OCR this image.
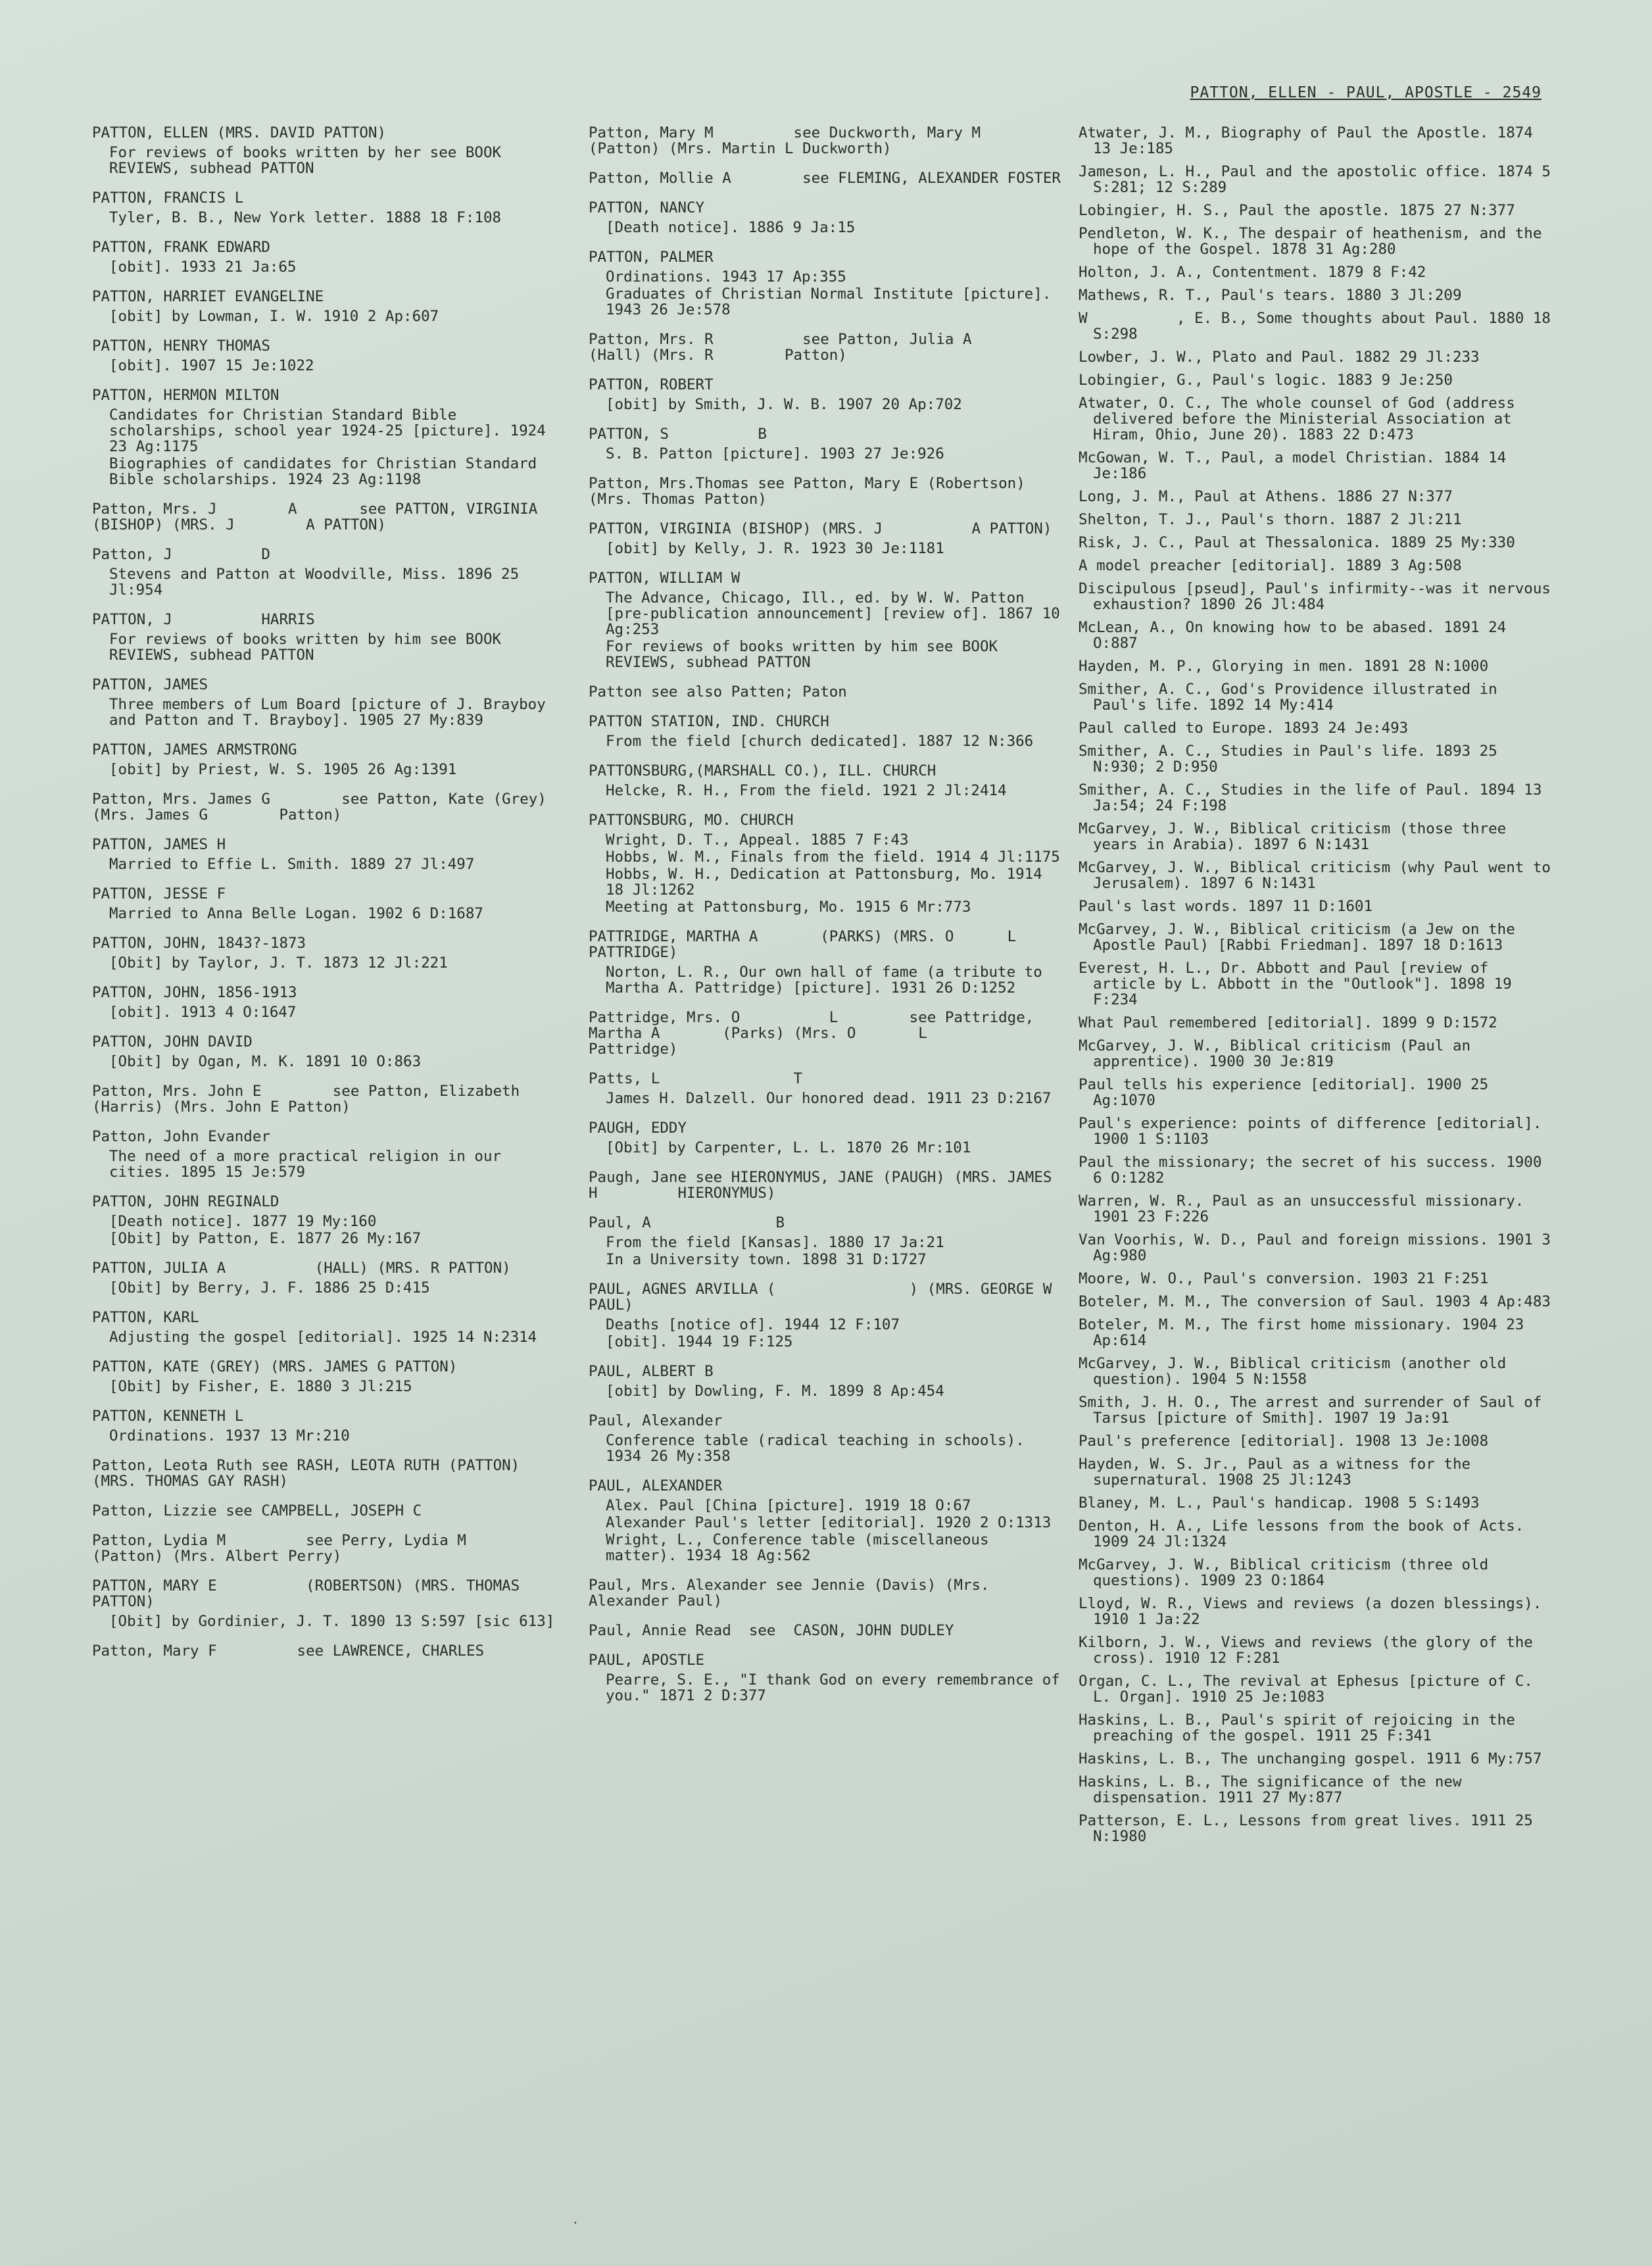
PATTON, ELLEN - PAUL, APOSTLE - 2549
PATTON, ELLEN (MRS. DAVID PATTON)
For reviews of books written by her see BOOK REVIEWS, subhead PATTON
PATTON, FRANCIS L
Tyler, B. B., New York letter. 1888 18 F:108
PATTON, FRANK EDWARD
[obit]. 1933 21 Ja:65
PATTON, HARRIET EVANGELINE
[obit] by Lowman, I. W. 1910 2 Ap:607
PATTON, HENRY THOMAS
[obit]. 1907 15 Je:1022
PATTON, HERMON MILTON
Candidates for Christian Standard Bible scholarships, school year 1924-25 [picture]. 1924 23 Ag:1175
Biographies of candidates for Christian Standard Bible scholarships. 1924 23 Ag:1198
Patton, Mrs. J        A       see PATTON, VIRGINIA (BISHOP) (MRS. J        A PATTON)
Patton, J          D
Stevens and Patton at Woodville, Miss. 1896 25 Jl:954
PATTON, J          HARRIS
For reviews of books written by him see BOOK REVIEWS, subhead PATTON
PATTON, JAMES
Three members of Lum Board [picture of J. Brayboy and Patton and T. Brayboy]. 1905 27 My:839
PATTON, JAMES ARMSTRONG
[obit] by Priest, W. S. 1905 26 Ag:1391
Patton, Mrs. James G        see Patton, Kate (Grey) (Mrs. James G        Patton)
PATTON, JAMES H
Married to Effie L. Smith. 1889 27 Jl:497
PATTON, JESSE F
Married to Anna Belle Logan. 1902 6 D:1687
PATTON, JOHN, 1843?-1873
[Obit] by Taylor, J. T. 1873 12 Jl:221
PATTON, JOHN, 1856-1913
[obit]. 1913 4 O:1647
PATTON, JOHN DAVID
[Obit] by Ogan, M. K. 1891 10 O:863
Patton, Mrs. John E        see Patton, Elizabeth (Harris) (Mrs. John E Patton)
Patton, John Evander
The need of a more practical religion in our cities. 1895 15 Je:579
PATTON, JOHN REGINALD
[Death notice]. 1877 19 My:160
[Obit] by Patton, E. 1877 26 My:167
PATTON, JULIA A          (HALL) (MRS. R PATTON)
[Obit] by Berry, J. F. 1886 25 D:415
PATTON, KARL
Adjusting the gospel [editorial]. 1925 14 N:2314
PATTON, KATE (GREY) (MRS. JAMES G PATTON)
[Obit] by Fisher, E. 1880 3 Jl:215
PATTON, KENNETH L
Ordinations. 1937 13 Mr:210
Patton, Leota Ruth see RASH, LEOTA RUTH (PATTON) (MRS. THOMAS GAY RASH)
Patton, Lizzie see CAMPBELL, JOSEPH C
Patton, Lydia M         see Perry, Lydia M          (Patton) (Mrs. Albert Perry)
PATTON, MARY E          (ROBERTSON) (MRS. THOMAS PATTON)
[Obit] by Gordinier, J. T. 1890 13 S:597 [sic 613]
Patton, Mary F         see LAWRENCE, CHARLES
Patton, Mary M         see Duckworth, Mary M         (Patton) (Mrs. Martin L Duckworth)
Patton, Mollie A        see FLEMING, ALEXANDER FOSTER
PATTON, NANCY
[Death notice]. 1886 9 Ja:15
PATTON, PALMER
Ordinations. 1943 17 Ap:355
Graduates of Christian Normal Institute [picture]. 1943 26 Je:578
Patton, Mrs. R          see Patton, Julia A          (Hall) (Mrs. R        Patton)
PATTON, ROBERT
[obit] by Smith, J. W. B. 1907 20 Ap:702
PATTON, S          B
S. B. Patton [picture]. 1903 27 Je:926
Patton, Mrs.Thomas see Patton, Mary E (Robertson) (Mrs. Thomas Patton)
PATTON, VIRGINIA (BISHOP) (MRS. J          A PATTON)
[obit] by Kelly, J. R. 1923 30 Je:1181
PATTON, WILLIAM W
The Advance, Chicago, Ill., ed. by W. W. Patton [pre-publication announcement] [review of]. 1867 10 Ag:253
For reviews of books written by him see BOOK REVIEWS, subhead PATTON
Patton see also Patten; Paton
PATTON STATION, IND. CHURCH
From the field [church dedicated]. 1887 12 N:366
PATTONSBURG,(MARSHALL CO.), ILL. CHURCH
Helcke, R. H., From the field. 1921 2 Jl:2414
PATTONSBURG, MO. CHURCH
Wright, D. T., Appeal. 1885 7 F:43
Hobbs, W. M., Finals from the field. 1914 4 Jl:1175
Hobbs, W. H., Dedication at Pattonsburg, Mo. 1914 18 Jl:1262
Meeting at Pattonsburg, Mo. 1915 6 Mr:773
PATTRIDGE, MARTHA A       (PARKS) (MRS. O      L         PATTRIDGE)
Norton, L. R., Our own hall of fame (a tribute to Martha A. Pattridge) [picture]. 1931 26 D:1252
Pattridge, Mrs. O          L        see Pattridge, Martha A       (Parks) (Mrs. O       L          Pattridge)
Patts, L               T
James H. Dalzell. Our honored dead. 1911 23 D:2167
PAUGH, EDDY
[Obit] by Carpenter, L. L. 1870 26 Mr:101
Paugh, Jane see HIERONYMUS, JANE (PAUGH) (MRS. JAMES H         HIERONYMUS)
Paul, A              B
From the field [Kansas]. 1880 17 Ja:21
In a University town. 1898 31 D:1727
PAUL, AGNES ARVILLA (               ) (MRS. GEORGE W         PAUL)
Deaths [notice of]. 1944 12 F:107
[obit]. 1944 19 F:125
PAUL, ALBERT B
[obit] by Dowling, F. M. 1899 8 Ap:454
Paul, Alexander
Conference table (radical teaching in schools). 1934 26 My:358
PAUL, ALEXANDER
Alex. Paul [China [picture]. 1919 18 O:67
Alexander Paul's letter [editorial]. 1920 2 O:1313
Wright, L., Conference table (miscellaneous matter). 1934 18 Ag:562
Paul, Mrs. Alexander see Jennie (Davis) (Mrs. Alexander Paul)
Paul, Annie Read  see  CASON, JOHN DUDLEY
PAUL, APOSTLE
Pearre, S. E., "I thank God on every remembrance of you." 1871 2 D:377
Atwater, J. M., Biography of Paul the Apostle. 1874 13 Je:185
Jameson, L. H., Paul and the apostolic office. 1874 5 S:281; 12 S:289
Lobingier, H. S., Paul the apostle. 1875 27 N:377
Pendleton, W. K., The despair of heathenism, and the hope of the Gospel. 1878 31 Ag:280
Holton, J. A., Contentment. 1879 8 F:42
Mathews, R. T., Paul's tears. 1880 3 Jl:209
W          , E. B., Some thoughts about Paul. 1880 18 S:298
Lowber, J. W., Plato and Paul. 1882 29 Jl:233
Lobingier, G., Paul's logic. 1883 9 Je:250
Atwater, O. C., The whole counsel of God (address delivered before the Ministerial Association at Hiram, Ohio, June 20). 1883 22 D:473
McGowan, W. T., Paul, a model Christian. 1884 14 Je:186
Long, J. M., Paul at Athens. 1886 27 N:377
Shelton, T. J., Paul's thorn. 1887 2 Jl:211
Risk, J. C., Paul at Thessalonica. 1889 25 My:330
A model preacher [editorial]. 1889 3 Ag:508
Discipulous [pseud], Paul's infirmity--was it nervous exhaustion? 1890 26 Jl:484
McLean, A., On knowing how to be abased. 1891 24 O:887
Hayden, M. P., Glorying in men. 1891 28 N:1000
Smither, A. C., God's Providence illustrated in Paul's life. 1892 14 My:414
Paul called to Europe. 1893 24 Je:493
Smither, A. C., Studies in Paul's life. 1893 25 N:930; 2 D:950
Smither, A. C., Studies in the life of Paul. 1894 13 Ja:54; 24 F:198
McGarvey, J. W., Biblical criticism (those three years in Arabia). 1897 6 N:1431
McGarvey, J. W., Biblical criticism (why Paul went to Jerusalem). 1897 6 N:1431
Paul's last words. 1897 11 D:1601
McGarvey, J. W., Biblical criticism (a Jew on the Apostle Paul) [Rabbi Friedman]. 1897 18 D:1613
Everest, H. L., Dr. Abbott and Paul [review of article by L. Abbott in the "Outlook"]. 1898 19 F:234
What Paul remembered [editorial]. 1899 9 D:1572
McGarvey, J. W., Biblical criticism (Paul an apprentice). 1900 30 Je:819
Paul tells his experience [editorial]. 1900 25 Ag:1070
Paul's experience: points of difference [editorial]. 1900 1 S:1103
Paul the missionary; the secret of his success. 1900 6 O:1282
Warren, W. R., Paul as an unsuccessful missionary. 1901 23 F:226
Van Voorhis, W. D., Paul and foreign missions. 1901 3 Ag:980
Moore, W. O., Paul's conversion. 1903 21 F:251
Boteler, M. M., The conversion of Saul. 1903 4 Ap:483
Boteler, M. M., The first home missionary. 1904 23 Ap:614
McGarvey, J. W., Biblical criticism (another old question). 1904 5 N:1558
Smith, J. H. O., The arrest and surrender of Saul of Tarsus [picture of Smith]. 1907 19 Ja:91
Paul's preference [editorial]. 1908 13 Je:1008
Hayden, W. S. Jr., Paul as a witness for the supernatural. 1908 25 Jl:1243
Blaney, M. L., Paul's handicap. 1908 5 S:1493
Denton, H. A., Life lessons from the book of Acts. 1909 24 Jl:1324
McGarvey, J. W., Biblical criticism (three old questions). 1909 23 O:1864
Lloyd, W. R., Views and reviews (a dozen blessings). 1910 1 Ja:22
Kilborn, J. W., Views and reviews (the glory of the cross). 1910 12 F:281
Organ, C. L., The revival at Ephesus [picture of C. L. Organ]. 1910 25 Je:1083
Haskins, L. B., Paul's spirit of rejoicing in the preaching of the gospel. 1911 25 F:341
Haskins, L. B., The unchanging gospel. 1911 6 My:757
Haskins, L. B., The significance of the new dispensation. 1911 27 My:877
Patterson, E. L., Lessons from great lives. 1911 25 N:1980
·
